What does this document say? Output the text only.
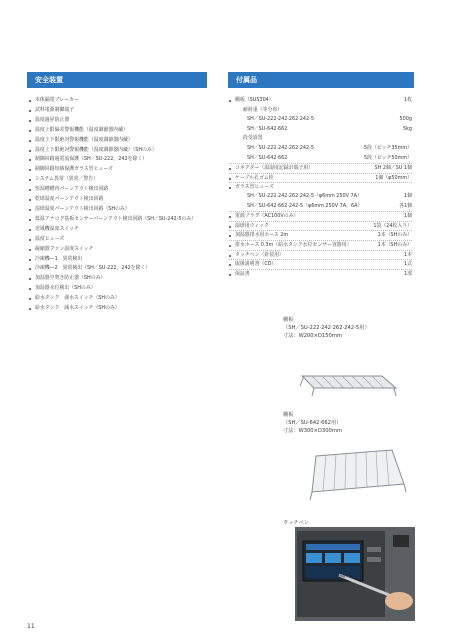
安全装置	付属品
本体漏電ブレーカー
試料電源制御端子
温度過昇防止器
温度上限偏差警報機能（温度調節器内蔵）
温度上下限絶対警報機能（温度調節器内蔵）
温度上下限絶対警報機能（湿度調節器内蔵）（SHのみ）
制御回路過電流保護（SH／SU-222，242を除く）
制御回路短絡保護ガラス管ヒューズ
システム異常（異常／警告）
恒湿槽槽内パーンアウト検出回路
乾球温度パーンアウト検出回路
湿球温度パーンアウト検出回路（SHのみ）
低温アナログ基板センサーパーンアウト検出回路（SH／SU-242-5のみ）
送風機温度スイッチ
温度ヒューズ
凝縮器ファン温度スイッチ
冷凍機―1　異常検出
冷凍機―2　異常検出（SH／SU-222，242を除く）
加湿器空焚き防止器（SHのみ）
加湿器水位検出（SHのみ）
給水タンク　満水スイッチ（SHのみ）
給水タンク　減水スイッチ（SHのみ）
棚板（SUS304）	1枚
耐荷重（等分布）
SH／SU-222·242·262·242-5	500g
SH／SU-642·662	5kg
段受設置
SH／SU-222·242·262·242-5	5段（ピッチ35mm）
SH／SU-642·662	5段（ピッチ50mm）
コネクター（温湿度記録計端子用）	SH 2個／SU 1個
ケーブル孔ゴム栓	1個（φ50mm）
ガラス管ヒューズ
SH／SU-222·242·262·242-5（φ6mm 250V 7A）	1個
SH／SU-642·662·242-5（φ6mm 250V 7A，6A）	各1個
電源プラグ（AC100Vのみ）	1個
湿球用ウィック	1袋（24枚入り）
加湿器排水用ホース 2m	1本（SHのみ）
排水ホース 0.3m（給水タンク水位センサー容器用）	1本（SHのみ）
タッチペン（針装用）	1本
取扱説明書（CD）	1式
保証書	1部
棚板
（SH／SU-222·242·262·242-5用）
寸法：W200×D150mm
棚板
（SH／SU-642·662用）
寸法：W300×D300mm
タッチペン
11
